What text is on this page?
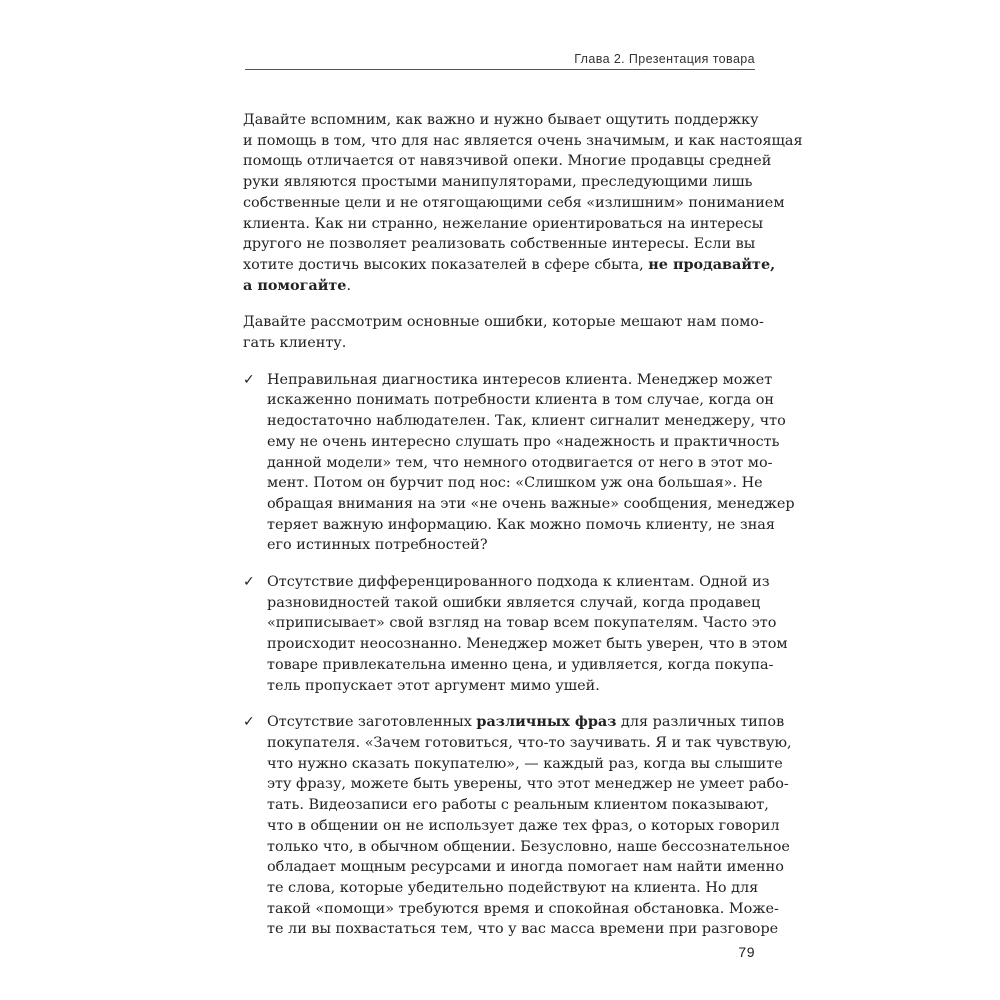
Глава 2. Презентация товара
Давайте вспомним, как важно и нужно бывает ощутить поддержку
и помощь в том, что для нас является очень значимым, и как настоящая
помощь отличается от навязчивой опеки. Многие продавцы средней
руки являются простыми манипуляторами, преследующими лишь
собственные цели и не отягощающими себя «излишним» пониманием
клиента. Как ни странно, нежелание ориентироваться на интересы
другого не позволяет реализовать собственные интересы. Если вы
хотите достичь высоких показателей в сфере сбыта, не продавайте,
а помогайте.
Давайте рассмотрим основные ошибки, которые мешают нам помо-
гать клиенту.
✓ Неправильная диагностика интересов клиента. Менеджер может
искаженно понимать потребности клиента в том случае, когда он
недостаточно наблюдателен. Так, клиент сигналит менеджеру, что
ему не очень интересно слушать про «надежность и практичность
данной модели» тем, что немного отодвигается от него в этот мо-
мент. Потом он бурчит под нос: «Слишком уж она большая». Не
обращая внимания на эти «не очень важные» сообщения, менеджер
теряет важную информацию. Как можно помочь клиенту, не зная
его истинных потребностей?
✓ Отсутствие дифференцированного подхода к клиентам. Одной из
разновидностей такой ошибки является случай, когда продавец
«приписывает» свой взгляд на товар всем покупателям. Часто это
происходит неосознанно. Менеджер может быть уверен, что в этом
товаре привлекательна именно цена, и удивляется, когда покупа-
тель пропускает этот аргумент мимо ушей.
✓ Отсутствие заготовленных различных фраз для различных типов
покупателя. «Зачем готовиться, что-то заучивать. Я и так чувствую,
что нужно сказать покупателю», — каждый раз, когда вы слышите
эту фразу, можете быть уверены, что этот менеджер не умеет рабо-
тать. Видеозаписи его работы с реальным клиентом показывают,
что в общении он не использует даже тех фраз, о которых говорил
только что, в обычном общении. Безусловно, наше бессознательное
обладает мощным ресурсами и иногда помогает нам найти именно
те слова, которые убедительно подействуют на клиента. Но для
такой «помощи» требуются время и спокойная обстановка. Може-
те ли вы похвастаться тем, что у вас масса времени при разговоре
79
